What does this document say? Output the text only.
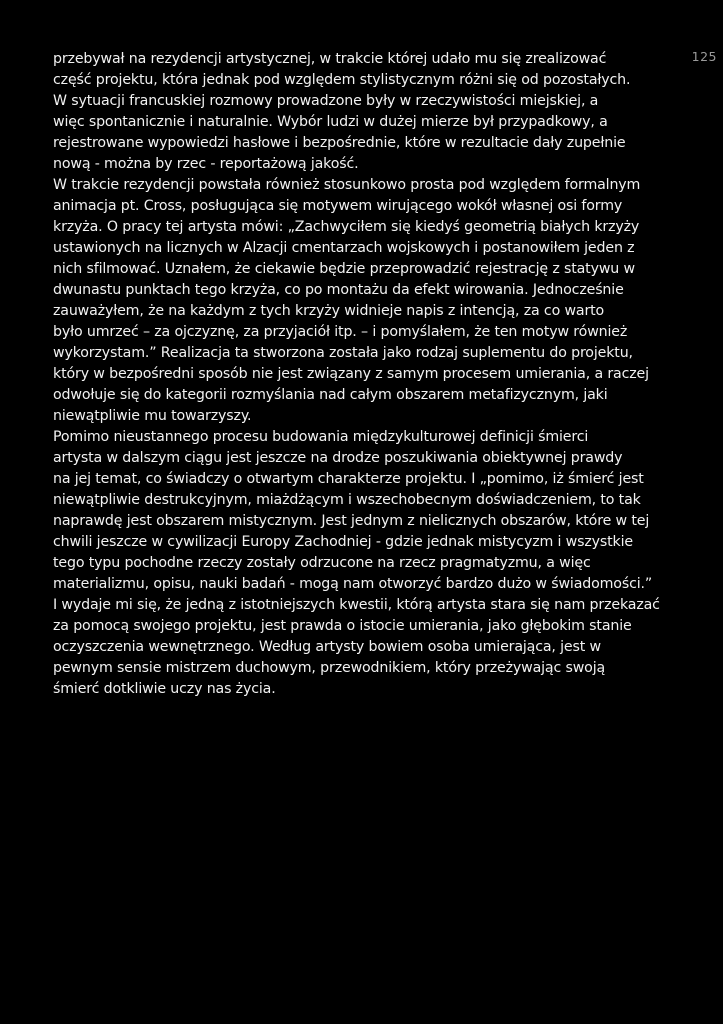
125
przebywał na rezydencji artystycznej, w trakcie której udało mu się zrealizować
część projektu, która jednak pod względem stylistycznym różni się od pozostałych.
W sytuacji francuskiej rozmowy prowadzone były w rzeczywistości miejskiej, a
więc spontanicznie i naturalnie. Wybór ludzi w dużej mierze był przypadkowy, a
rejestrowane wypowiedzi hasłowe i bezpośrednie, które w rezultacie dały zupełnie
nową - można by rzec - reportażową jakość.
W trakcie rezydencji powstała również stosunkowo prosta pod względem formalnym
animacja pt. Cross, posługująca się motywem wirującego wokół własnej osi formy
krzyża. O pracy tej artysta mówi: „Zachwyciłem się kiedyś geometrią białych krzyży
ustawionych na licznych w Alzacji cmentarzach wojskowych i postanowiłem jeden z
nich sfilmować. Uznałem, że ciekawie będzie przeprowadzić rejestrację z statywu w
dwunastu punktach tego krzyża, co po montażu da efekt wirowania. Jednocześnie
zauważyłem, że na każdym z tych krzyży widnieje napis z intencją, za co warto
było umrzeć – za ojczyznę, za przyjaciół itp. – i pomyślałem, że ten motyw również
wykorzystam.” Realizacja ta stworzona została jako rodzaj suplementu do projektu,
który w bezpośredni sposób nie jest związany z samym procesem umierania, a raczej
odwołuje się do kategorii rozmyślania nad całym obszarem metafizycznym, jaki
niewątpliwie mu towarzyszy.
Pomimo nieustannego procesu budowania międzykulturowej definicji śmierci
artysta w dalszym ciągu jest jeszcze na drodze poszukiwania obiektywnej prawdy
na jej temat, co świadczy o otwartym charakterze projektu. I „pomimo, iż śmierć jest
niewątpliwie destrukcyjnym, miażdżącym i wszechobecnym doświadczeniem, to tak
naprawdę jest obszarem mistycznym. Jest jednym z nielicznych obszarów, które w tej
chwili jeszcze w cywilizacji Europy Zachodniej - gdzie jednak mistycyzm i wszystkie
tego typu pochodne rzeczy zostały odrzucone na rzecz pragmatyzmu, a więc
materializmu, opisu, nauki badań - mogą nam otworzyć bardzo dużo w świadomości.”
I wydaje mi się, że jedną z istotniejszych kwestii, którą artysta stara się nam przekazać
za pomocą swojego projektu, jest prawda o istocie umierania, jako głębokim stanie
oczyszczenia wewnętrznego. Według artysty bowiem osoba umierająca, jest w
pewnym sensie mistrzem duchowym, przewodnikiem, który przeżywając swoją
śmierć dotkliwie uczy nas życia.
